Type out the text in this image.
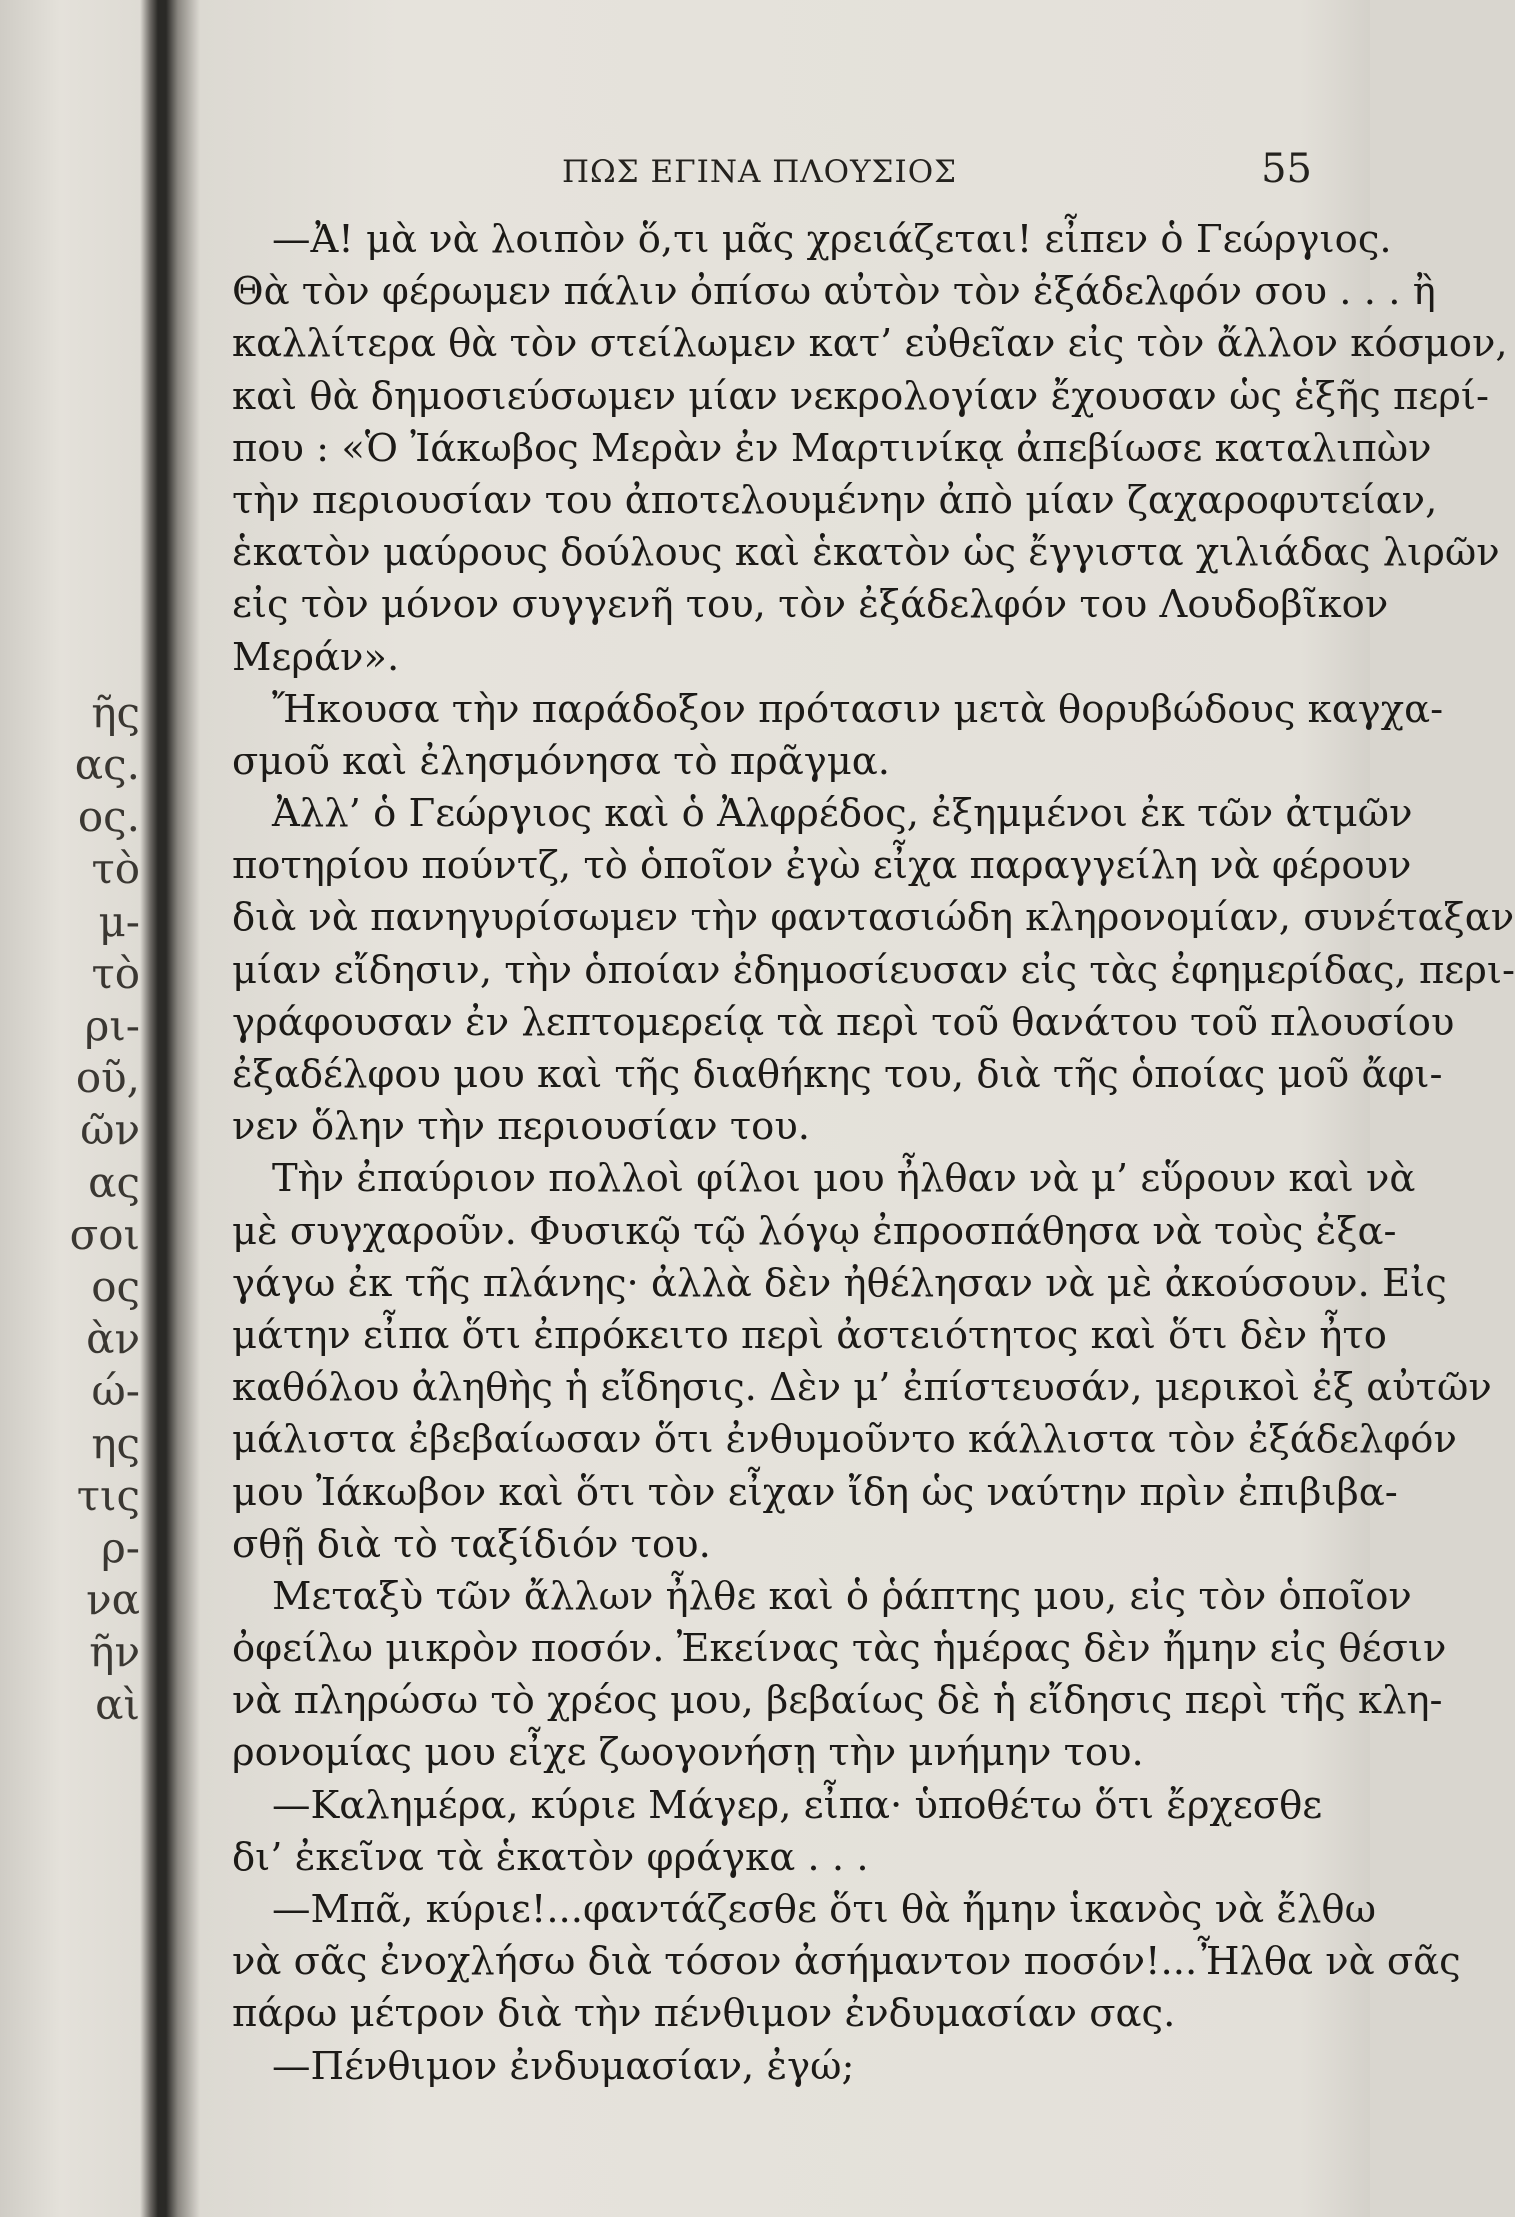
ῆς
ας.
ος.
τὸ
μ-
τὸ
ρι-
οῦ,
ῶν
ας
σοι
ος
ὰν
ώ-
ης
τις
ρ-
να
ῆν
αὶ
ΠΩΣ ΕΓΙΝΑ ΠΛΟΥΣΙΟΣ	55
—Ἀ! μὰ νὰ λοιπὸν ὅ,τι μᾶς χρειάζεται! εἶπεν ὁ Γεώργιος.
Θὰ τὸν φέρωμεν πάλιν ὀπίσω αὐτὸν τὸν ἐξάδελφόν σου . . . ἢ
καλλίτερα θὰ τὸν στείλωμεν κατ’ εὐθεῖαν εἰς τὸν ἄλλον κόσμον,
καὶ θὰ δημοσιεύσωμεν μίαν νεκρολογίαν ἔχουσαν ὡς ἑξῆς περί-
που : «Ὁ Ἰάκωβος Μερὰν ἐν Μαρτινίκᾳ ἀπεβίωσε καταλιπὼν
τὴν περιουσίαν του ἀποτελουμένην ἀπὸ μίαν ζαχαροφυτείαν,
ἑκατὸν μαύρους δούλους καὶ ἑκατὸν ὡς ἔγγιστα χιλιάδας λιρῶν
εἰς τὸν μόνον συγγενῆ του, τὸν ἐξάδελφόν του Λουδοβῖκον
Μεράν».
Ἤκουσα τὴν παράδοξον πρότασιν μετὰ θορυβώδους καγχα-
σμοῦ καὶ ἐλησμόνησα τὸ πρᾶγμα.
Ἀλλ’ ὁ Γεώργιος καὶ ὁ Ἀλφρέδος, ἐξημμένοι ἐκ τῶν ἀτμῶν
ποτηρίου πούντζ, τὸ ὁποῖον ἐγὼ εἶχα παραγγείλη νὰ φέρουν
διὰ νὰ πανηγυρίσωμεν τὴν φαντασιώδη κληρονομίαν, συνέταξαν
μίαν εἴδησιν, τὴν ὁποίαν ἐδημοσίευσαν εἰς τὰς ἐφημερίδας, περι-
γράφουσαν ἐν λεπτομερείᾳ τὰ περὶ τοῦ θανάτου τοῦ πλουσίου
ἐξαδέλφου μου καὶ τῆς διαθήκης του, διὰ τῆς ὁποίας μοῦ ἄφι-
νεν ὅλην τὴν περιουσίαν του.
Τὴν ἐπαύριον πολλοὶ φίλοι μου ἦλθαν νὰ μ’ εὕρουν καὶ νὰ
μὲ συγχαροῦν. Φυσικῷ τῷ λόγῳ ἐπροσπάθησα νὰ τοὺς ἐξα-
γάγω ἐκ τῆς πλάνης· ἀλλὰ δὲν ἠθέλησαν νὰ μὲ ἀκούσουν. Εἰς
μάτην εἶπα ὅτι ἐπρόκειτο περὶ ἀστειότητος καὶ ὅτι δὲν ἦτο
καθόλου ἀληθὴς ἡ εἴδησις. Δὲν μ’ ἐπίστευσάν, μερικοὶ ἐξ αὐτῶν
μάλιστα ἐβεβαίωσαν ὅτι ἐνθυμοῦντο κάλλιστα τὸν ἐξάδελφόν
μου Ἰάκωβον καὶ ὅτι τὸν εἶχαν ἴδη ὡς ναύτην πρὶν ἐπιβιβα-
σθῇ διὰ τὸ ταξίδιόν του.
Μεταξὺ τῶν ἄλλων ἦλθε καὶ ὁ ῥάπτης μου, εἰς τὸν ὁποῖον
ὀφείλω μικρὸν ποσόν. Ἐκείνας τὰς ἡμέρας δὲν ἤμην εἰς θέσιν
νὰ πληρώσω τὸ χρέος μου, βεβαίως δὲ ἡ εἴδησις περὶ τῆς κλη-
ρονομίας μου εἶχε ζωογονήσῃ τὴν μνήμην του.
—Καλημέρα, κύριε Μάγερ, εἶπα· ὑποθέτω ὅτι ἔρχεσθε
δι’ ἐκεῖνα τὰ ἑκατὸν φράγκα . . .
—Μπᾶ, κύριε!...φαντάζεσθε ὅτι θὰ ἤμην ἱκανὸς νὰ ἔλθω
νὰ σᾶς ἐνοχλήσω διὰ τόσον ἀσήμαντον ποσόν!...Ἦλθα νὰ σᾶς
πάρω μέτρον διὰ τὴν πένθιμον ἐνδυμασίαν σας.
—Πένθιμον ἐνδυμασίαν, ἐγώ;
